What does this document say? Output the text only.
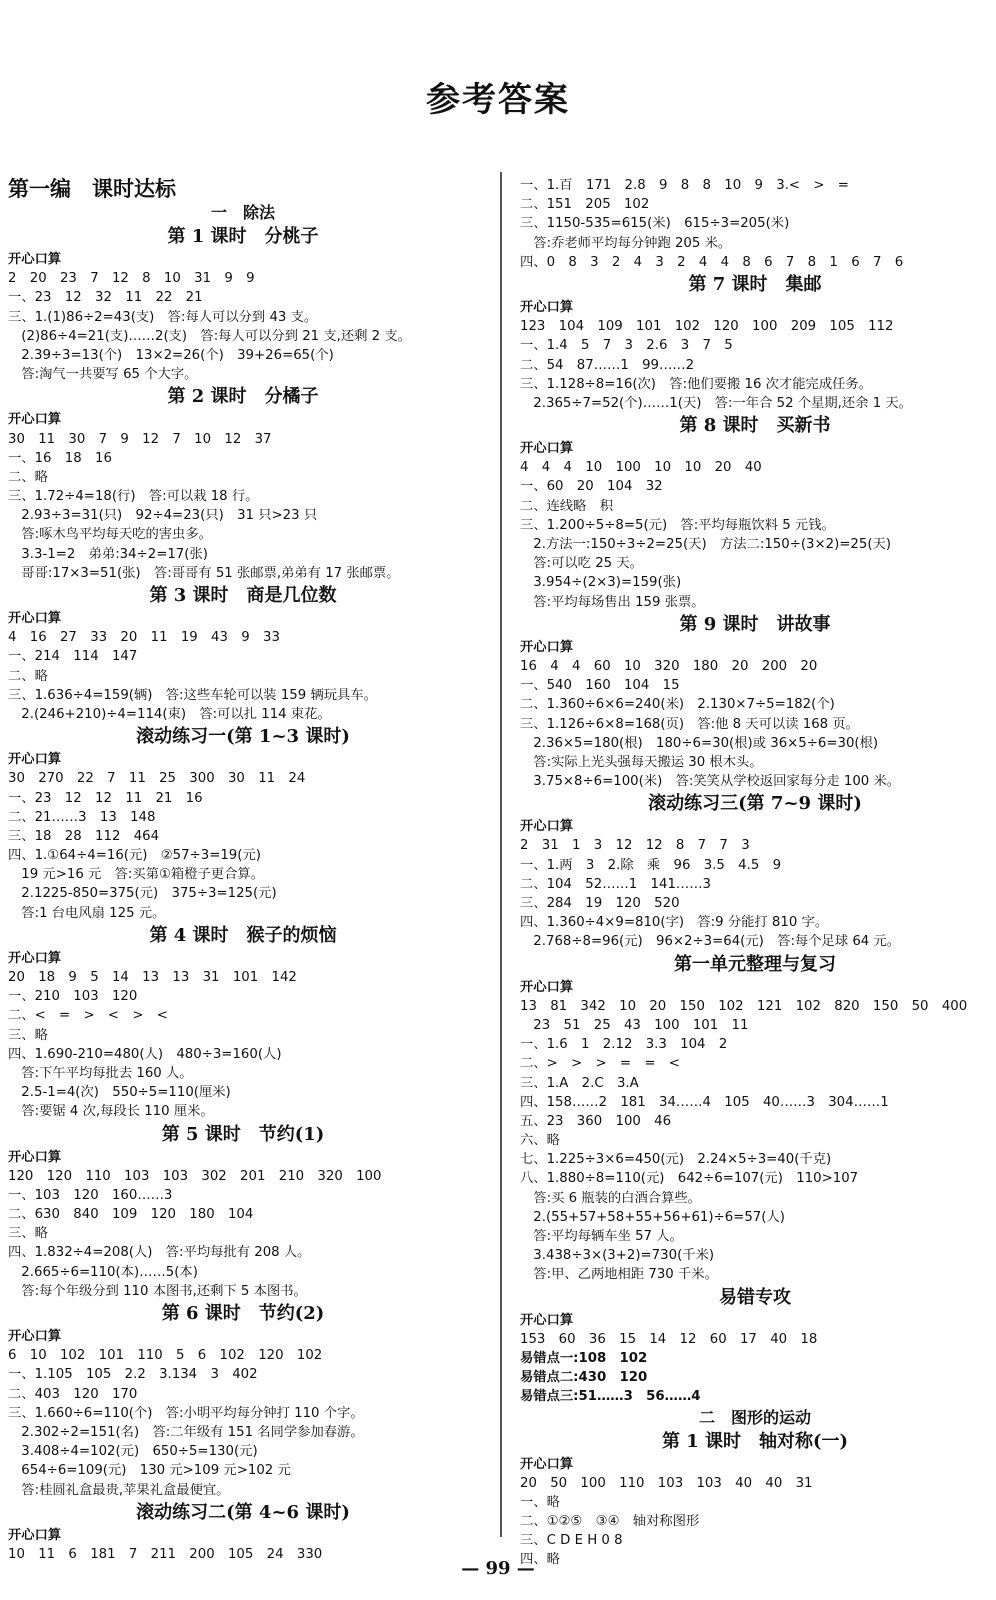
参考答案
第一编　课时达标
一　除法
第 1 课时　分桃子
开心口算
2　20　23　7　12　8　10　31　9　9
一、23　12　32　11　22　21
三、1.(1)86÷2=43(支)　答:每人可以分到 43 支。
　(2)86÷4=21(支)……2(支)　答:每人可以分到 21 支,还剩 2 支。
　2.39÷3=13(个)　13×2=26(个)　39+26=65(个)
　答:淘气一共要写 65 个大字。
第 2 课时　分橘子
开心口算
30　11　30　7　9　12　7　10　12　37
一、16　18　16
二、略
三、1.72÷4=18(行)　答:可以栽 18 行。
　2.93÷3=31(只)　92÷4=23(只)　31 只>23 只
　答:啄木鸟平均每天吃的害虫多。
　3.3-1=2　弟弟:34÷2=17(张)
　哥哥:17×3=51(张)　答:哥哥有 51 张邮票,弟弟有 17 张邮票。
第 3 课时　商是几位数
开心口算
4　16　27　33　20　11　19　43　9　33
一、214　114　147
二、略
三、1.636÷4=159(辆)　答:这些车轮可以装 159 辆玩具车。
　2.(246+210)÷4=114(束)　答:可以扎 114 束花。
滚动练习一(第 1~3 课时)
开心口算
30　270　22　7　11　25　300　30　11　24
一、23　12　12　11　21　16
二、21……3　13　148
三、18　28　112　464
四、1.①64÷4=16(元)　②57÷3=19(元)
　19 元>16 元　答:买第①箱橙子更合算。
　2.1225-850=375(元)　375÷3=125(元)
　答:1 台电风扇 125 元。
第 4 课时　猴子的烦恼
开心口算
20　18　9　5　14　13　13　31　101　142
一、210　103　120
二、<　=　>　<　>　<
三、略
四、1.690-210=480(人)　480÷3=160(人)
　答:下午平均每批去 160 人。
　2.5-1=4(次)　550÷5=110(厘米)
　答:要锯 4 次,每段长 110 厘米。
第 5 课时　节约(1)
开心口算
120　120　110　103　103　302　201　210　320　100
一、103　120　160……3
二、630　840　109　120　180　104
三、略
四、1.832÷4=208(人)　答:平均每批有 208 人。
　2.665÷6=110(本)……5(本)
　答:每个年级分到 110 本图书,还剩下 5 本图书。
第 6 课时　节约(2)
开心口算
6　10　102　101　110　5　6　102　120　102
一、1.105　105　2.2　3.134　3　402
二、403　120　170
三、1.660÷6=110(个)　答:小明平均每分钟打 110 个字。
　2.302÷2=151(名)　答:二年级有 151 名同学参加春游。
　3.408÷4=102(元)　650÷5=130(元)
　654÷6=109(元)　130 元>109 元>102 元
　答:桂圆礼盒最贵,苹果礼盒最便宜。
滚动练习二(第 4~6 课时)
开心口算
10　11　6　181　7　211　200　105　24　330
一、1.百　171　2.8　9　8　8　10　9　3.<　>　=
二、151　205　102
三、1150-535=615(米)　615÷3=205(米)
　答:乔老师平均每分钟跑 205 米。
四、0　8　3　2　4　3　2　4　4　8　6　7　8　1　6　7　6
第 7 课时　集邮
开心口算
123　104　109　101　102　120　100　209　105　112
一、1.4　5　7　3　2.6　3　7　5
二、54　87……1　99……2
三、1.128÷8=16(次)　答:他们要搬 16 次才能完成任务。
　2.365÷7=52(个)……1(天)　答:一年合 52 个星期,还余 1 天。
第 8 课时　买新书
开心口算
4　4　4　10　100　10　10　20　40
一、60　20　104　32
二、连线略　积
三、1.200÷5÷8=5(元)　答:平均每瓶饮料 5 元钱。
　2.方法一:150÷3÷2=25(天)　方法二:150÷(3×2)=25(天)
　答:可以吃 25 天。
　3.954÷(2×3)=159(张)
　答:平均每场售出 159 张票。
第 9 课时　讲故事
开心口算
16　4　4　60　10　320　180　20　200　20
一、540　160　104　15
二、1.360÷6×6=240(米)　2.130×7÷5=182(个)
三、1.126÷6×8=168(页)　答:他 8 天可以读 168 页。
　2.36×5=180(根)　180÷6=30(根)或 36×5÷6=30(根)
　答:实际上光头强每天搬运 30 根木头。
　3.75×8÷6=100(米)　答:笑笑从学校返回家每分走 100 米。
滚动练习三(第 7~9 课时)
开心口算
2　31　1　3　12　12　8　7　7　3
一、1.两　3　2.除　乘　96　3.5　4.5　9
二、104　52……1　141……3
三、284　19　120　520
四、1.360÷4×9=810(字)　答:9 分能打 810 字。
　2.768÷8=96(元)　96×2÷3=64(元)　答:每个足球 64 元。
第一单元整理与复习
开心口算
13　81　342　10　20　150　102　121　102　820　150　50　400
　23　51　25　43　100　101　11
一、1.6　1　2.12　3.3　104　2
二、>　>　>　=　=　<
三、1.A　2.C　3.A
四、158……2　181　34……4　105　40……3　304……1
五、23　360　100　46
六、略
七、1.225÷3×6=450(元)　2.24×5÷3=40(千克)
八、1.880÷8=110(元)　642÷6=107(元)　110>107
　答:买 6 瓶装的白酒合算些。
　2.(55+57+58+55+56+61)÷6=57(人)
　答:平均每辆车坐 57 人。
　3.438÷3×(3+2)=730(千米)
　答:甲、乙两地相距 730 千米。
易错专攻
开心口算
153　60　36　15　14　12　60　17　40　18
易错点一:108　102
易错点二:430　120
易错点三:51……3　56……4
二　图形的运动
第 1 课时　轴对称(一)
开心口算
20　50　100　110　103　103　40　40　31
一、略
二、①②⑤　③④　轴对称图形
三、C D E H 0 8
四、略
— 99 —
